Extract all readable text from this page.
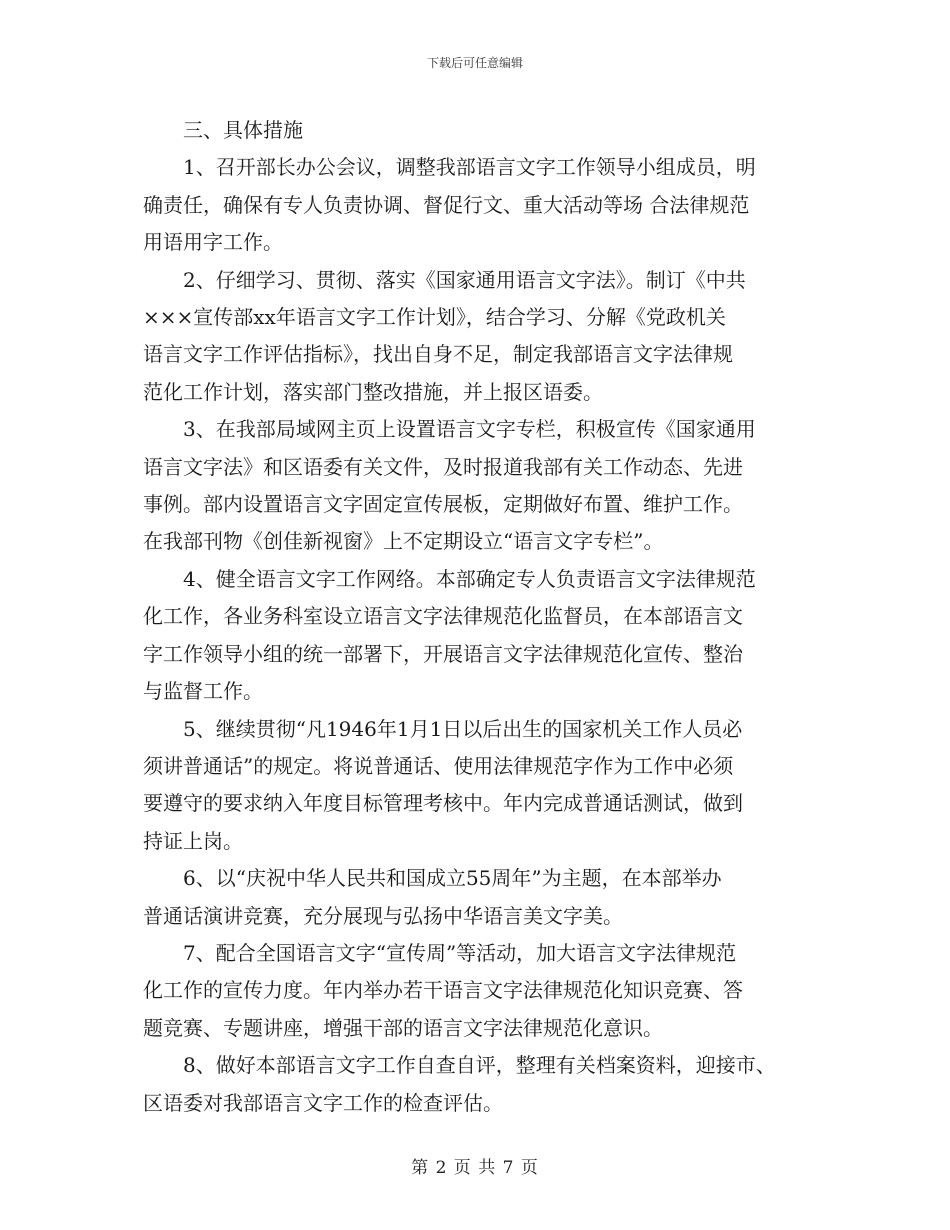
下载后可任意编辑

三、具体措施

1、召开部长办公会议，调整我部语言文字工作领导小组成员，明
确责任，确保有专人负责协调、督促行文、重大活动等场 合法律规范
用语用字工作。

2、仔细学习、贯彻、落实《国家通用语言文字法》。制订《中共
×××宣传部xx年语言文字工作计划》，结合学习、分解《党政机关
语言文字工作评估指标》，找出自身不足，制定我部语言文字法律规
范化工作计划，落实部门整改措施，并上报区语委。

3、在我部局域网主页上设置语言文字专栏，积极宣传《国家通用
语言文字法》和区语委有关文件，及时报道我部有关工作动态、先进
事例。部内设置语言文字固定宣传展板，定期做好布置、维护工作。
在我部刊物《创佳新视窗》上不定期设立“语言文字专栏”。

4、健全语言文字工作网络。本部确定专人负责语言文字法律规范
化工作，各业务科室设立语言文字法律规范化监督员，在本部语言文
字工作领导小组的统一部署下，开展语言文字法律规范化宣传、整治
与监督工作。

5、继续贯彻“凡1946年1月1日以后出生的国家机关工作人员必
须讲普通话”的规定。将说普通话、使用法律规范字作为工作中必须
要遵守的要求纳入年度目标管理考核中。年内完成普通话测试，做到
持证上岗。

6、以“庆祝中华人民共和国成立55周年”为主题，在本部举办
普通话演讲竞赛，充分展现与弘扬中华语言美文字美。

7、配合全国语言文字“宣传周”等活动，加大语言文字法律规范
化工作的宣传力度。年内举办若干语言文字法律规范化知识竞赛、答
题竞赛、专题讲座，增强干部的语言文字法律规范化意识。

8、做好本部语言文字工作自查自评，整理有关档案资料，迎接市、
区语委对我部语言文字工作的检查评估。

第 2 页 共 7 页
